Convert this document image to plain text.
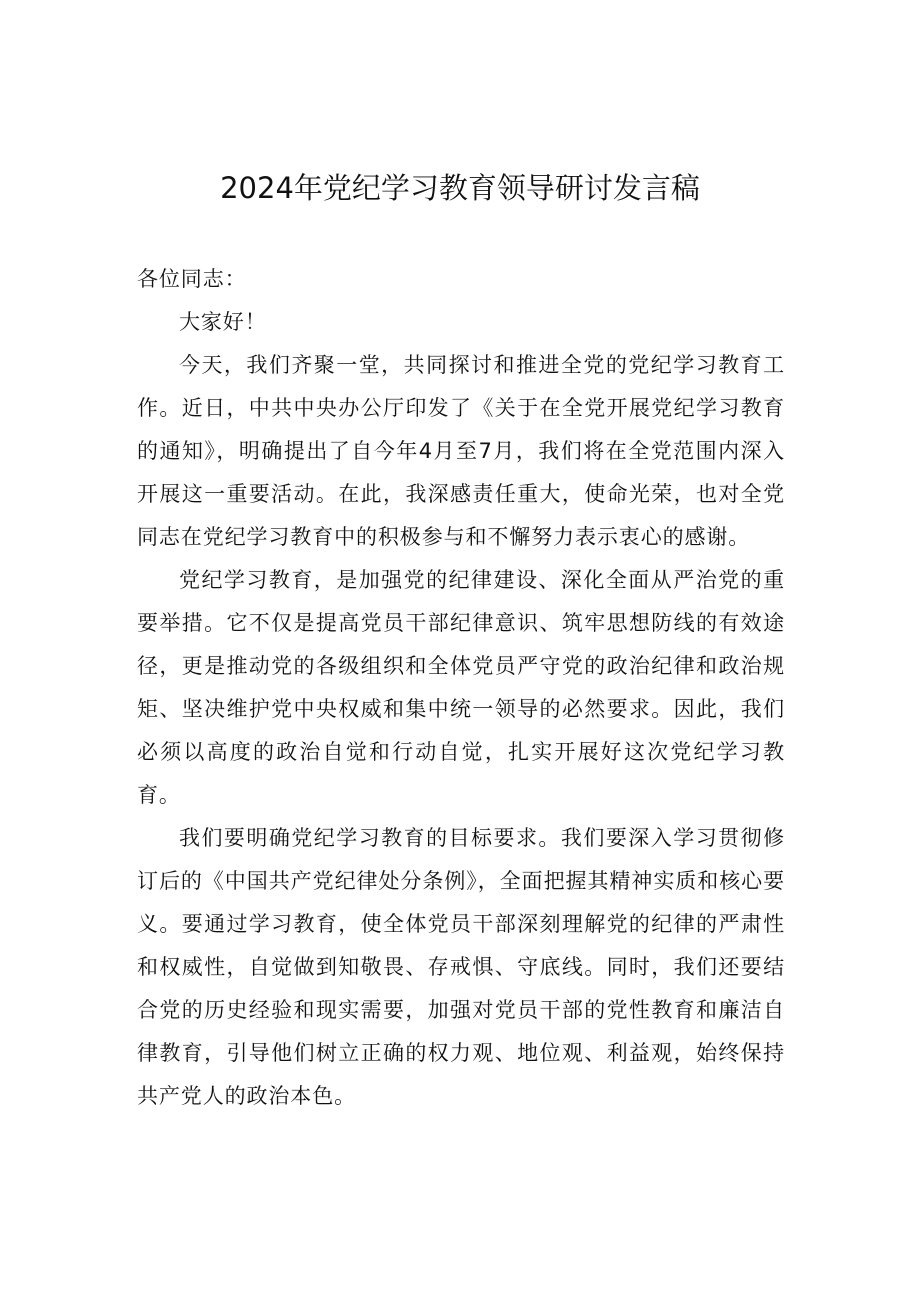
2024年党纪学习教育领导研讨发言稿

各位同志：

大家好！

今天，我们齐聚一堂，共同探讨和推进全党的党纪学习教育工作。近日，中共中央办公厅印发了《关于在全党开展党纪学习教育的通知》，明确提出了自今年4月至7月，我们将在全党范围内深入开展这一重要活动。在此，我深感责任重大，使命光荣，也对全党同志在党纪学习教育中的积极参与和不懈努力表示衷心的感谢。

党纪学习教育，是加强党的纪律建设、深化全面从严治党的重要举措。它不仅是提高党员干部纪律意识、筑牢思想防线的有效途径，更是推动党的各级组织和全体党员严守党的政治纪律和政治规矩、坚决维护党中央权威和集中统一领导的必然要求。因此，我们必须以高度的政治自觉和行动自觉，扎实开展好这次党纪学习教育。

我们要明确党纪学习教育的目标要求。我们要深入学习贯彻修订后的《中国共产党纪律处分条例》，全面把握其精神实质和核心要义。要通过学习教育，使全体党员干部深刻理解党的纪律的严肃性和权威性，自觉做到知敬畏、存戒惧、守底线。同时，我们还要结合党的历史经验和现实需要，加强对党员干部的党性教育和廉洁自律教育，引导他们树立正确的权力观、地位观、利益观，始终保持共产党人的政治本色。
